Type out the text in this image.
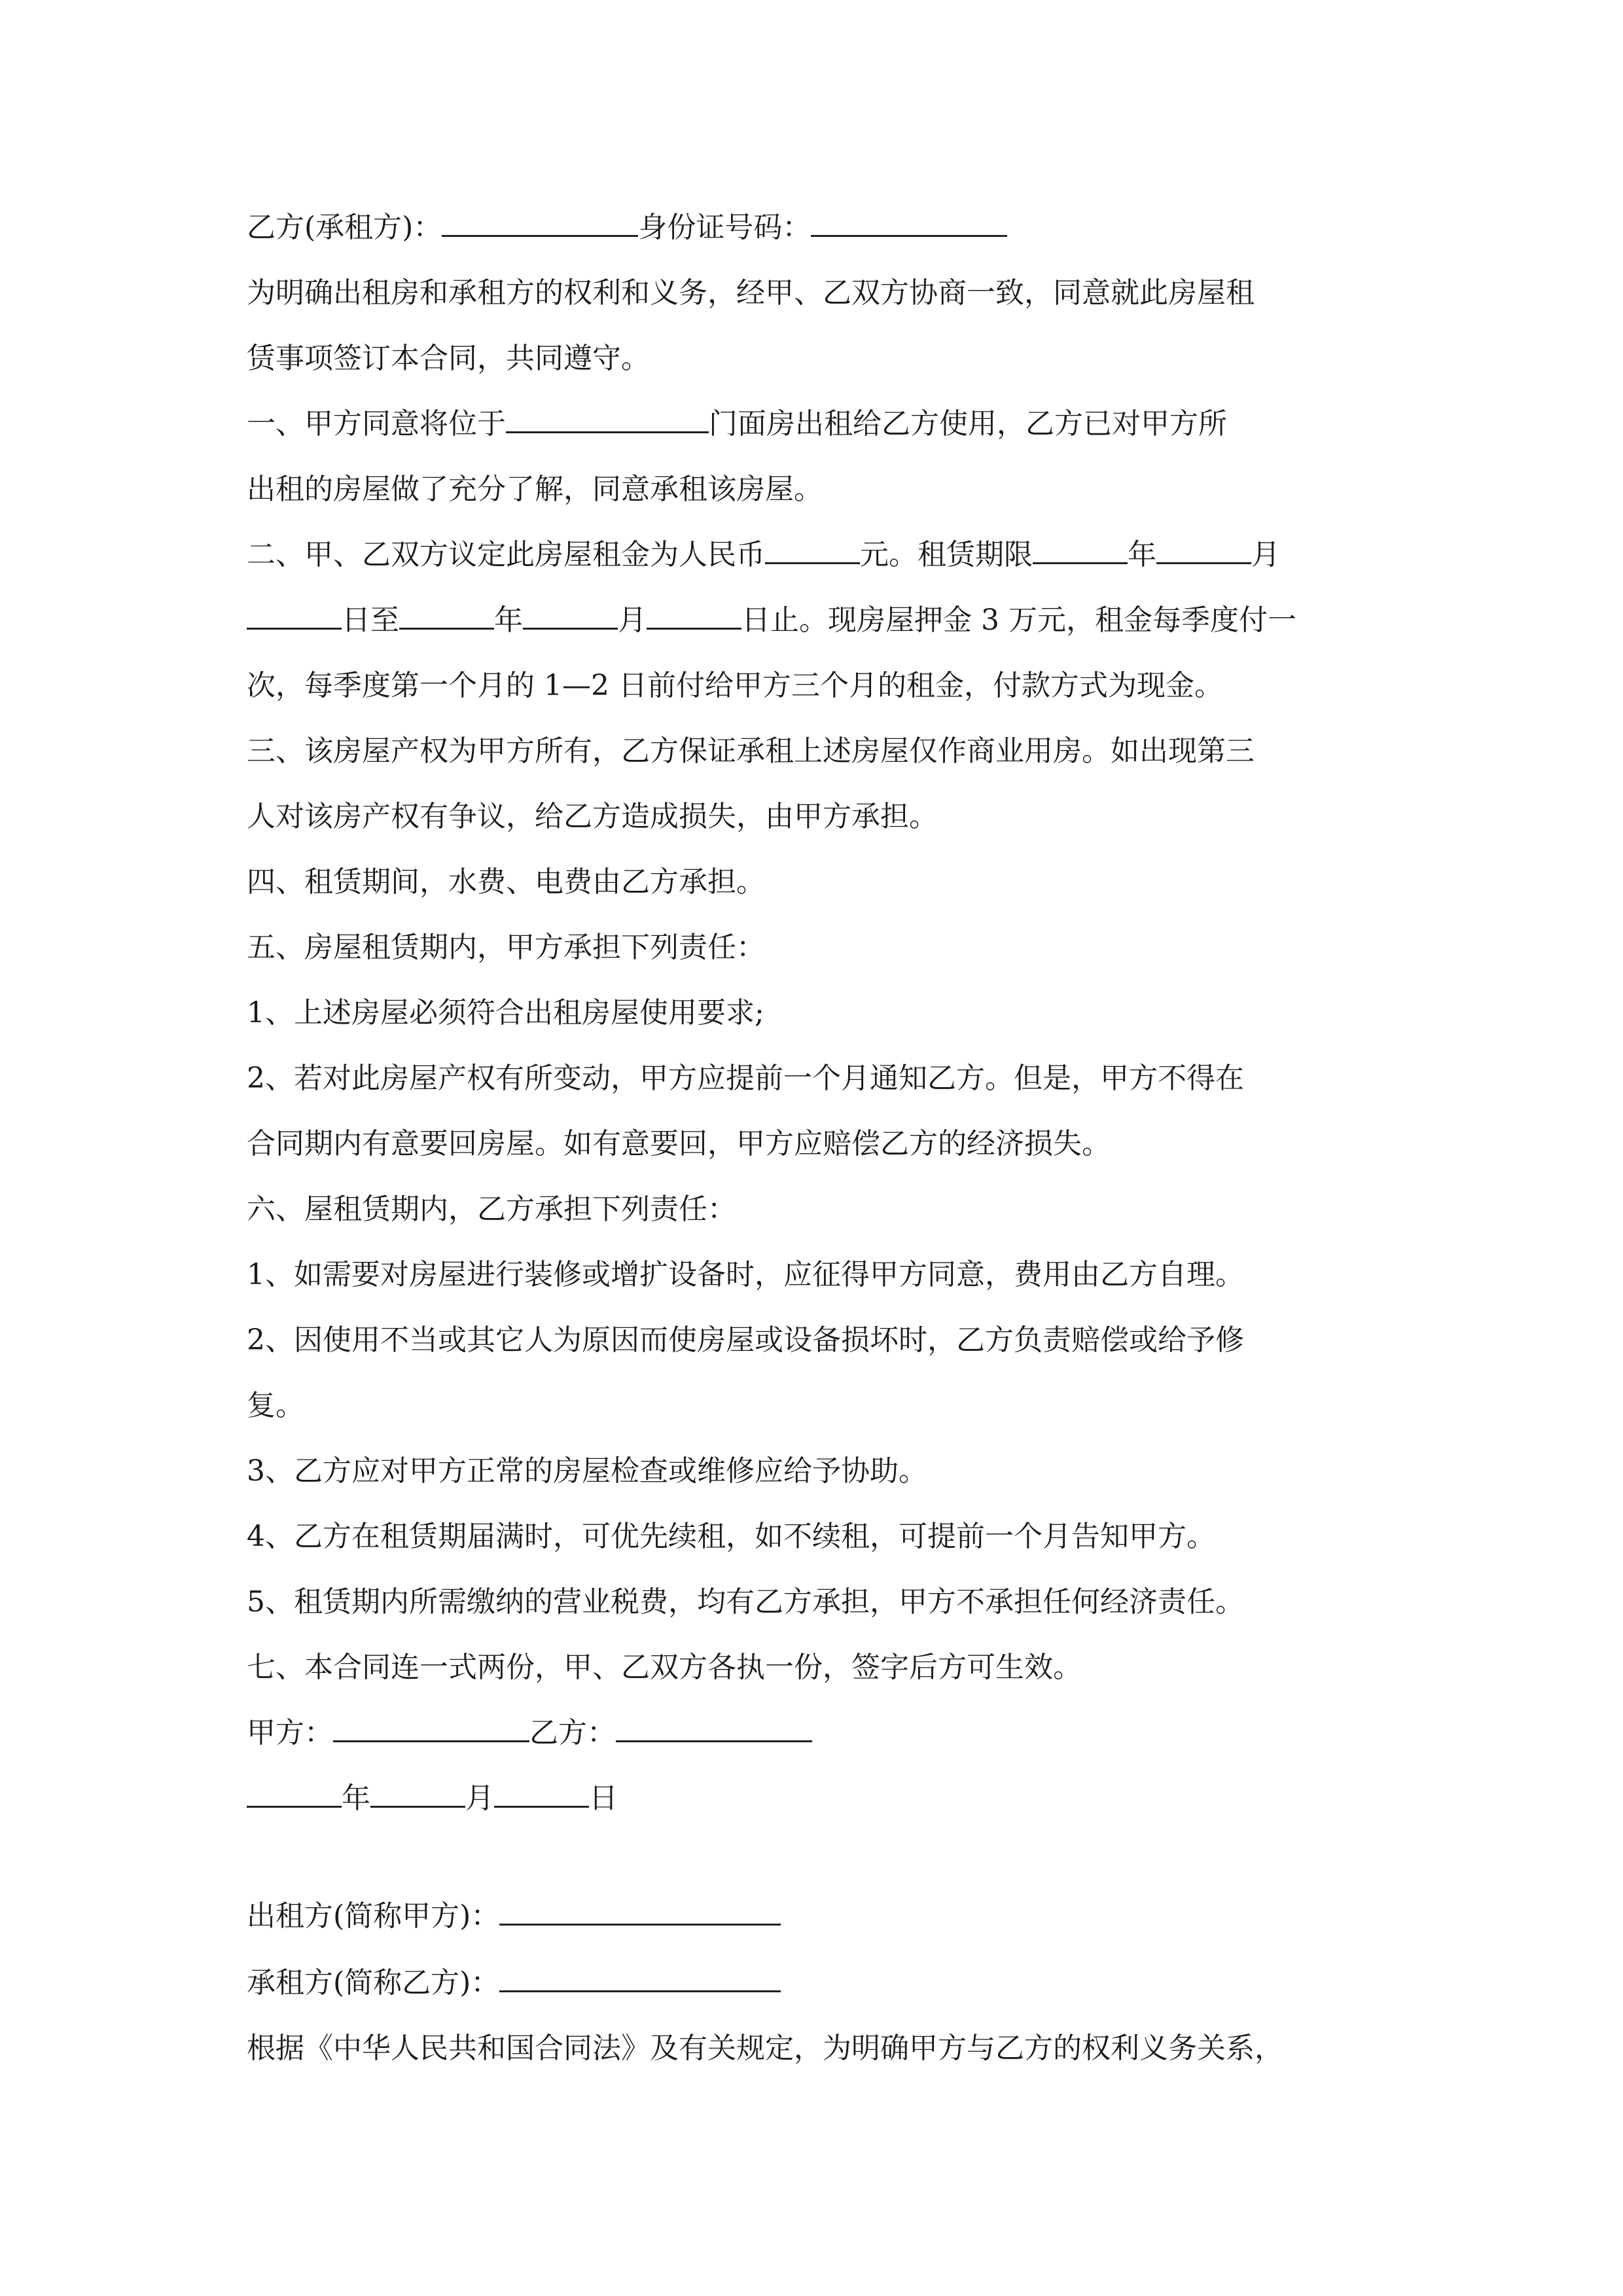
乙方(承租方)：	身份证号码：
为明确出租房和承租方的权利和义务，经甲、乙双方协商一致，同意就此房屋租
赁事项签订本合同，共同遵守。
一、甲方同意将位于	门面房出租给乙方使用，乙方已对甲方所
出租的房屋做了充分了解，同意承租该房屋。
二、甲、乙双方议定此房屋租金为人民币	元。租赁期限	年	月
日至	年	月	日止。现房屋押金 3 万元，租金每季度付一
次，每季度第一个月的 1—2 日前付给甲方三个月的租金，付款方式为现金。
三、该房屋产权为甲方所有，乙方保证承租上述房屋仅作商业用房。如出现第三
人对该房产权有争议，给乙方造成损失，由甲方承担。
四、租赁期间，水费、电费由乙方承担。
五、房屋租赁期内，甲方承担下列责任：
1、上述房屋必须符合出租房屋使用要求;
2、若对此房屋产权有所变动，甲方应提前一个月通知乙方。但是，甲方不得在
合同期内有意要回房屋。如有意要回，甲方应赔偿乙方的经济损失。
六、屋租赁期内，乙方承担下列责任：
1、如需要对房屋进行装修或增扩设备时，应征得甲方同意，费用由乙方自理。
2、因使用不当或其它人为原因而使房屋或设备损坏时，乙方负责赔偿或给予修
复。
3、乙方应对甲方正常的房屋检查或维修应给予协助。
4、乙方在租赁期届满时，可优先续租，如不续租，可提前一个月告知甲方。
5、租赁期内所需缴纳的营业税费，均有乙方承担，甲方不承担任何经济责任。
七、本合同连一式两份，甲、乙双方各执一份，签字后方可生效。
甲方：	乙方：
年	月	日
出租方(简称甲方)：
承租方(简称乙方)：
根据《中华人民共和国合同法》及有关规定，为明确甲方与乙方的权利义务关系，
